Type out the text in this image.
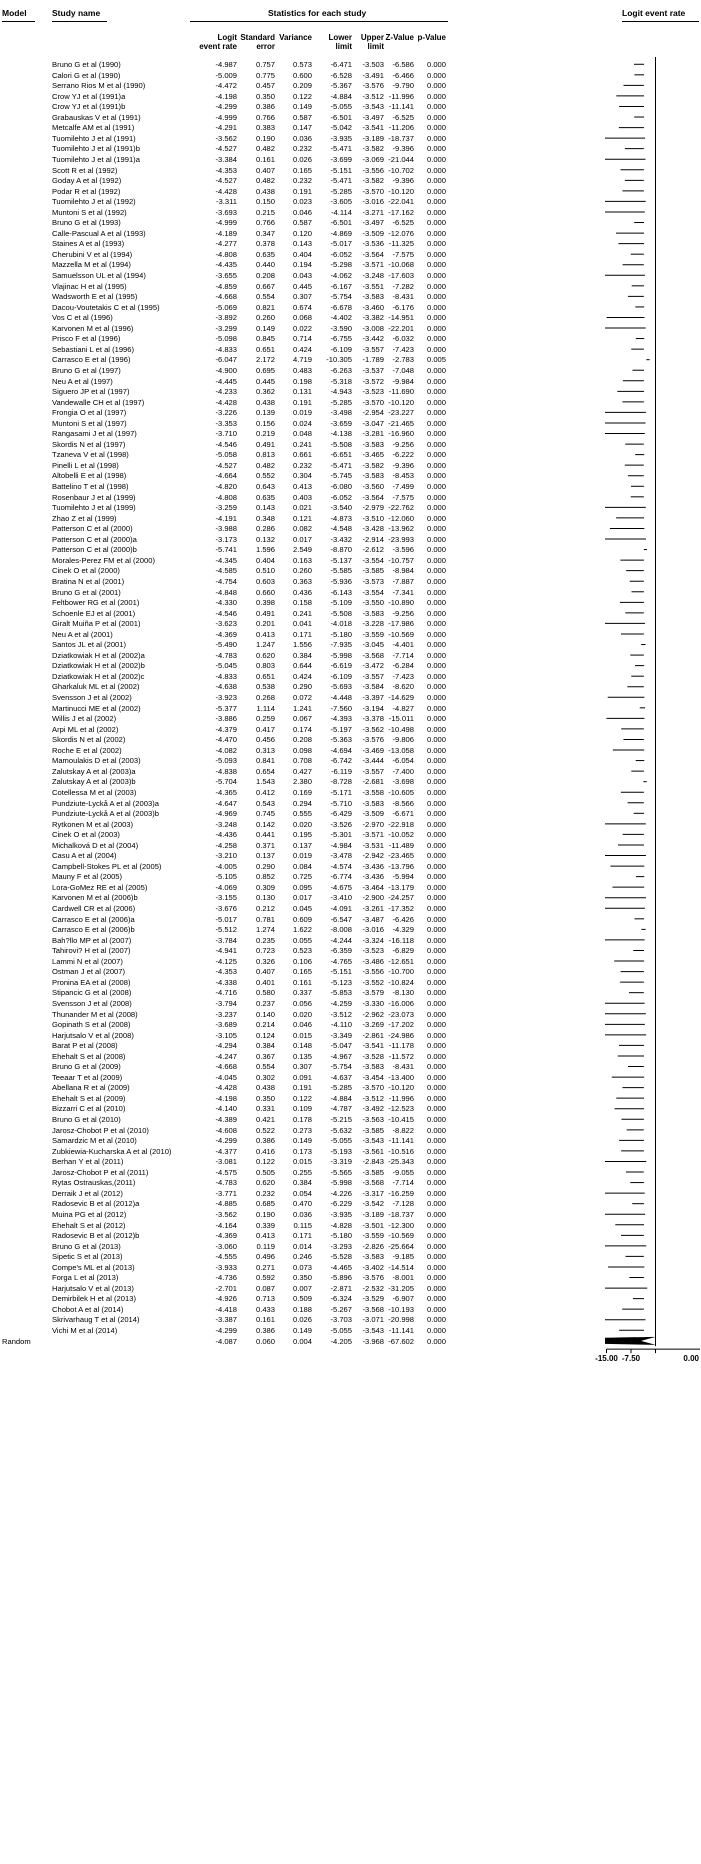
Model	Study name	Statistics for each study	Logit event rate
Logit
event rate
Standard
error
Variance	Lower
limit
Upper
limit
Z-Value p-Value
Bruno G et al (1990)	-4.987	0.757	0.573	-6.471	-3.503	-6.586	0.000
Calori G et al (1990)	-5.009	0.775	0.600	-6.528	-3.491	-6.466	0.000
Serrano Rios M et al (1990)	-4.472	0.457	0.209	-5.367	-3.576	-9.790	0.000
Crow YJ et al (1991)a	-4.198	0.350	0.122	-4.884	-3.512 -11.996	0.000
Crow YJ et al (1991)b	-4.299	0.386	0.149	-5.055	-3.543 -11.141	0.000
Grabauskas V et al (1991)	-4.999	0.766	0.587	-6.501	-3.497	-6.525	0.000
Metcalfe AM et al (1991)	-4.291	0.383	0.147	-5.042	-3.541 -11.206	0.000
Tuomilehto J et al (1991)	-3.562	0.190	0.036	-3.935	-3.189 -18.737	0.000
Tuomilehto J et al (1991)b	-4.527	0.482	0.232	-5.471	-3.582	-9.396	0.000
Tuomilehto J et al (1991)a	-3.384	0.161	0.026	-3.699	-3.069 -21.044	0.000
Scott R et al (1992)	-4.353	0.407	0.165	-5.151	-3.556 -10.702	0.000
Goday A et al (1992)	-4.527	0.482	0.232	-5.471	-3.582	-9.396	0.000
Podar R et al (1992)	-4.428	0.438	0.191	-5.285	-3.570 -10.120	0.000
Tuomilehto J et al (1992)	-3.311	0.150	0.023	-3.605	-3.016 -22.041	0.000
Muntoni S et al (1992)	-3.693	0.215	0.046	-4.114	-3.271 -17.162	0.000
Bruno G et al (1993)	-4.999	0.766	0.587	-6.501	-3.497	-6.525	0.000
Calle-Pascual A et al (1993)	-4.189	0.347	0.120	-4.869	-3.509 -12.076	0.000
Staines A et al (1993)	-4.277	0.378	0.143	-5.017	-3.536 -11.325	0.000
Cherubini V et al (1994)	-4.808	0.635	0.404	-6.052	-3.564	-7.575	0.000
Mazzella M et al (1994)	-4.435	0.440	0.194	-5.298	-3.571 -10.068	0.000
Samuelsson UL et al (1994)	-3.655	0.208	0.043	-4.062	-3.248 -17.603	0.000
Vlajinac H et al (1995)	-4.859	0.667	0.445	-6.167	-3.551	-7.282	0.000
Wadsworth E et al (1995)	-4.668	0.554	0.307	-5.754	-3.583	-8.431	0.000
Dacou-Voutetakis C et al (1995)	-5.069	0.821	0.674	-6.678	-3.460	-6.176	0.000
Vos C et al (1996)	-3.892	0.260	0.068	-4.402	-3.382 -14.951	0.000
Karvonen M et al (1996)	-3.299	0.149	0.022	-3.590	-3.008 -22.201	0.000
Prisco F et al (1996)	-5.098	0.845	0.714	-6.755	-3.442	-6.032	0.000
Sebastiani L et al (1996)	-4.833	0.651	0.424	-6.109	-3.557	-7.423	0.000
Carrasco E et al (1996)	-6.047	2.172	4.719	-10.305	-1.789	-2.783	0.005
Bruno G et al (1997)	-4.900	0.695	0.483	-6.263	-3.537	-7.048	0.000
Neu A et al (1997)	-4.445	0.445	0.198	-5.318	-3.572	-9.984	0.000
Siguero JP et al (1997)	-4.233	0.362	0.131	-4.943	-3.523 -11.690	0.000
Vandewalle CH et al (1997)	-4.428	0.438	0.191	-5.285	-3.570 -10.120	0.000
Frongia O et al (1997)	-3.226	0.139	0.019	-3.498	-2.954 -23.227	0.000
Muntoni S et al (1997)	-3.353	0.156	0.024	-3.659	-3.047 -21.465	0.000
Rangasami J et al (1997)	-3.710	0.219	0.048	-4.138	-3.281 -16.960	0.000
Skordis N et al (1997)	-4.546	0.491	0.241	-5.508	-3.583	-9.256	0.000
Tzaneva V et al (1998)	-5.058	0.813	0.661	-6.651	-3.465	-6.222	0.000
Pinelli L et al (1998)	-4.527	0.482	0.232	-5.471	-3.582	-9.396	0.000
Altobelli E et al (1998)	-4.664	0.552	0.304	-5.745	-3.583	-8.453	0.000
Battelino T et al (1998)	-4.820	0.643	0.413	-6.080	-3.560	-7.499	0.000
Rosenbaur J et al (1999)	-4.808	0.635	0.403	-6.052	-3.564	-7.575	0.000
Tuomilehto J et al (1999)	-3.259	0.143	0.021	-3.540	-2.979 -22.762	0.000
Zhao Z et al (1999)	-4.191	0.348	0.121	-4.873	-3.510 -12.060	0.000
Patterson C et al (2000)	-3.988	0.286	0.082	-4.548	-3.428 -13.962	0.000
Patterson C et al (2000)a	-3.173	0.132	0.017	-3.432	-2.914 -23.993	0.000
Patterson C et al (2000)b	-5.741	1.596	2.549	-8.870	-2.612	-3.596	0.000
Morales-Perez FM et al (2000)	-4.345	0.404	0.163	-5.137	-3.554 -10.757	0.000
Cinek O et al (2000)	-4.585	0.510	0.260	-5.585	-3.585	-8.984	0.000
Bratina N et al (2001)	-4.754	0.603	0.363	-5.936	-3.573	-7.887	0.000
Bruno G et al (2001)	-4.848	0.660	0.436	-6.143	-3.554	-7.341	0.000
Feltbower RG et al (2001)	-4.330	0.398	0.158	-5.109	-3.550 -10.890	0.000
Schoenle EJ et al (2001)	-4.546	0.491	0.241	-5.508	-3.583	-9.256	0.000
Giralt Muiña P et al (2001)	-3.623	0.201	0.041	-4.018	-3.228 -17.986	0.000
Neu A et al (2001)	-4.369	0.413	0.171	-5.180	-3.559 -10.569	0.000
Santos JL et al (2001)	-5.490	1.247	1.556	-7.935	-3.045	-4.401	0.000
Dziatkowiak H et al (2002)a	-4.783	0.620	0.384	-5.998	-3.568	-7.714	0.000
Dziatkowiak H et al (2002)b	-5.045	0.803	0.644	-6.619	-3.472	-6.284	0.000
Dziatkowiak H et al (2002)c	-4.833	0.651	0.424	-6.109	-3.557	-7.423	0.000
Gharkaluk ML et al (2002)	-4.638	0.538	0.290	-5.693	-3.584	-8.620	0.000
Svensson J et al (2002)	-3.923	0.268	0.072	-4.448	-3.397 -14.629	0.000
Martinucci ME et al (2002)	-5.377	1.114	1.241	-7.560	-3.194	-4.827	0.000
Willis J et al (2002)	-3.886	0.259	0.067	-4.393	-3.378 -15.011	0.000
Arpi ML et al (2002)	-4.379	0.417	0.174	-5.197	-3.562 -10.498	0.000
Skordis N et al (2002)	-4.470	0.456	0.208	-5.363	-3.576	-9.806	0.000
Roche E et al (2002)	-4.082	0.313	0.098	-4.694	-3.469 -13.058	0.000
Mamoulakis D et al (2003)	-5.093	0.841	0.708	-6.742	-3.444	-6.054	0.000
Zalutskay A et al (2003)a	-4.838	0.654	0.427	-6.119	-3.557	-7.400	0.000
Zalutskay A et al (2003)b	-5.704	1.543	2.380	-8.728	-2.681	-3.698	0.000
Cotellessa M et al (2003)	-4.365	0.412	0.169	-5.171	-3.558 -10.605	0.000
Pundziute-Lyckå A et al (2003)a	-4.647	0.543	0.294	-5.710	-3.583	-8.566	0.000
Pundziute-Lyckå A et al (2003)b	-4.969	0.745	0.555	-6.429	-3.509	-6.671	0.000
Rytkonen M et al (2003)	-3.248	0.142	0.020	-3.526	-2.970 -22.918	0.000
Cinek O et al (2003)	-4.436	0.441	0.195	-5.301	-3.571 -10.052	0.000
Michalková D et al (2004)	-4.258	0.371	0.137	-4.984	-3.531 -11.489	0.000
Casu A et al (2004)	-3.210	0.137	0.019	-3.478	-2.942 -23.465	0.000
Campbell-Stokes PL et al (2005)	-4.005	0.290	0.084	-4.574	-3.436 -13.796	0.000
Mauny F et al (2005)	-5.105	0.852	0.725	-6.774	-3.436	-5.994	0.000
Lora-GoMez RE et al (2005)	-4.069	0.309	0.095	-4.675	-3.464 -13.179	0.000
Karvonen M et al (2006)b	-3.155	0.130	0.017	-3.410	-2.900 -24.257	0.000
Cardwell CR et al (2006)	-3.676	0.212	0.045	-4.091	-3.261 -17.352	0.000
Carrasco E et al (2006)a	-5.017	0.781	0.609	-6.547	-3.487	-6.426	0.000
Carrasco E et al (2006)b	-5.512	1.274	1.622	-8.008	-3.016	-4.329	0.000
Bah?llo MP et al (2007)	-3.784	0.235	0.055	-4.244	-3.324 -16.118	0.000
Tahirovi? H et al (2007)	-4.941	0.723	0.523	-6.359	-3.523	-6.829	0.000
Lammi N et al (2007)	-4.125	0.326	0.106	-4.765	-3.486 -12.651	0.000
Ostman J et al (2007)	-4.353	0.407	0.165	-5.151	-3.556 -10.700	0.000
Pronina EA et al (2008)	-4.338	0.401	0.161	-5.123	-3.552 -10.824	0.000
Stipancic G et al (2008)	-4.716	0.580	0.337	-5.853	-3.579	-8.130	0.000
Svensson J et al (2008)	-3.794	0.237	0.056	-4.259	-3.330 -16.006	0.000
Thunander M et al (2008)	-3.237	0.140	0.020	-3.512	-2.962 -23.073	0.000
Gopinath S et al (2008)	-3.689	0.214	0.046	-4.110	-3.269 -17.202	0.000
Harjutsalo V et al (2008)	-3.105	0.124	0.015	-3.349	-2.861 -24.986	0.000
Barat P et al (2008)	-4.294	0.384	0.148	-5.047	-3.541 -11.178	0.000
Ehehalt S et al (2008)	-4.247	0.367	0.135	-4.967	-3.528 -11.572	0.000
Bruno G et al (2009)	-4.668	0.554	0.307	-5.754	-3.583	-8.431	0.000
Teeaar T et al (2009)	-4.045	0.302	0.091	-4.637	-3.454 -13.400	0.000
Abellana R et al (2009)	-4.428	0.438	0.191	-5.285	-3.570 -10.120	0.000
Ehehalt S et al (2009)	-4.198	0.350	0.122	-4.884	-3.512 -11.996	0.000
Bizzarri C et al (2010)	-4.140	0.331	0.109	-4.787	-3.492 -12.523	0.000
Bruno G et al (2010)	-4.389	0.421	0.178	-5.215	-3.563 -10.415	0.000
Jarosz-Chobot P et al (2010)	-4.608	0.522	0.273	-5.632	-3.585	-8.822	0.000
Samardzic M et al (2010)	-4.299	0.386	0.149	-5.055	-3.543 -11.141	0.000
Zubkiewia-Kucharska A et al (2010)	-4.377	0.416	0.173	-5.193	-3.561 -10.516	0.000
Berhan Y et al (2011)	-3.081	0.122	0.015	-3.319	-2.843 -25.343	0.000
Jarosz-Chobot P et al (2011)	-4.575	0.505	0.255	-5.565	-3.585	-9.055	0.000
Rytas Ostrauskas,(2011)	-4.783	0.620	0.384	-5.998	-3.568	-7.714	0.000
Derraik J et al (2012)	-3.771	0.232	0.054	-4.226	-3.317 -16.259	0.000
Radosevic B et al (2012)a	-4.885	0.685	0.470	-6.229	-3.542	-7.128	0.000
Muina PG et al (2012)	-3.562	0.190	0.036	-3.935	-3.189 -18.737	0.000
Ehehalt S et al (2012)	-4.164	0.339	0.115	-4.828	-3.501 -12.300	0.000
Radosevic B et al (2012)b	-4.369	0.413	0.171	-5.180	-3.559 -10.569	0.000
Bruno G et al (2013)	-3.060	0.119	0.014	-3.293	-2.826 -25.664	0.000
Sipetic S et al (2013)	-4.555	0.496	0.246	-5.528	-3.583	-9.185	0.000
Compe's ML et al (2013)	-3.933	0.271	0.073	-4.465	-3.402 -14.514	0.000
Forga L et al (2013)	-4.736	0.592	0.350	-5.896	-3.576	-8.001	0.000
Harjutsalo V et al (2013)	-2.701	0.087	0.007	-2.871	-2.532 -31.205	0.000
Demirbilek H et al (2013)	-4.926	0.713	0.509	-6.324	-3.529	-6.907	0.000
Chobot A et al (2014)	-4.418	0.433	0.188	-5.267	-3.568 -10.193	0.000
Skrivarhaug T et al (2014)	-3.387	0.161	0.026	-3.703	-3.071 -20.998	0.000
Vichi M et al (2014)	-4.299	0.386	0.149	-5.055	-3.543 -11.141	0.000
Random	-4.087	0.060	0.004	-4.205	-3.968 -67.602	0.000
-15.00 -7.50	0.00
